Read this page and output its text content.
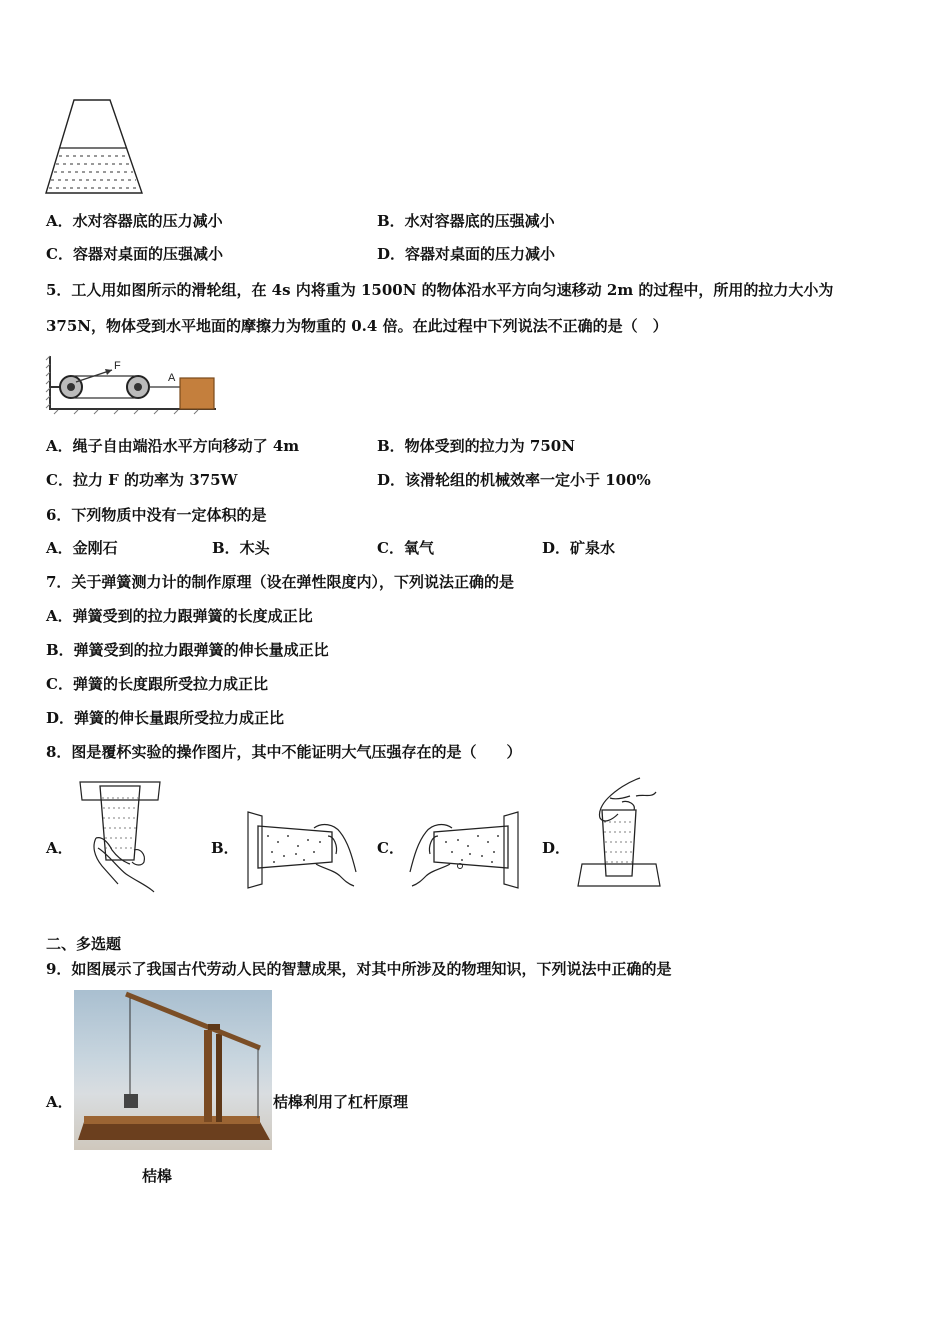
A．水对容器底的压力减小	B．水对容器底的压强减小
C．容器对桌面的压强减小	D．容器对桌面的压力减小
5．工人用如图所示的滑轮组，在 4s 内将重为 1500N 的物体沿水平方向匀速移动 2m 的过程中，所用的拉力大小为
375N，物体受到水平地面的摩擦力为物重的 0.4 倍。在此过程中下列说法不正确的是（　）
F
A
A．绳子自由端沿水平方向移动了 4m	B．物体受到的拉力为 750N
C．拉力 F 的功率为 375W	D．该滑轮组的机械效率一定小于 100%
6．下列物质中没有一定体积的是
A．金刚石	B．木头	C．氧气	D．矿泉水
7．关于弹簧测力计的制作原理（设在弹性限度内），下列说法正确的是
A．弹簧受到的拉力跟弹簧的长度成正比
B．弹簧受到的拉力跟弹簧的伸长量成正比
C．弹簧的长度跟所受拉力成正比
D．弹簧的伸长量跟所受拉力成正比
8．图是覆杯实验的操作图片，其中不能证明大气压强存在的是（　　）
A．	B．	C．	D．
二、多选题
9．如图展示了我国古代劳动人民的智慧成果，对其中所涉及的物理知识，下列说法中正确的是
A．	桔槔利用了杠杆原理
桔槔
